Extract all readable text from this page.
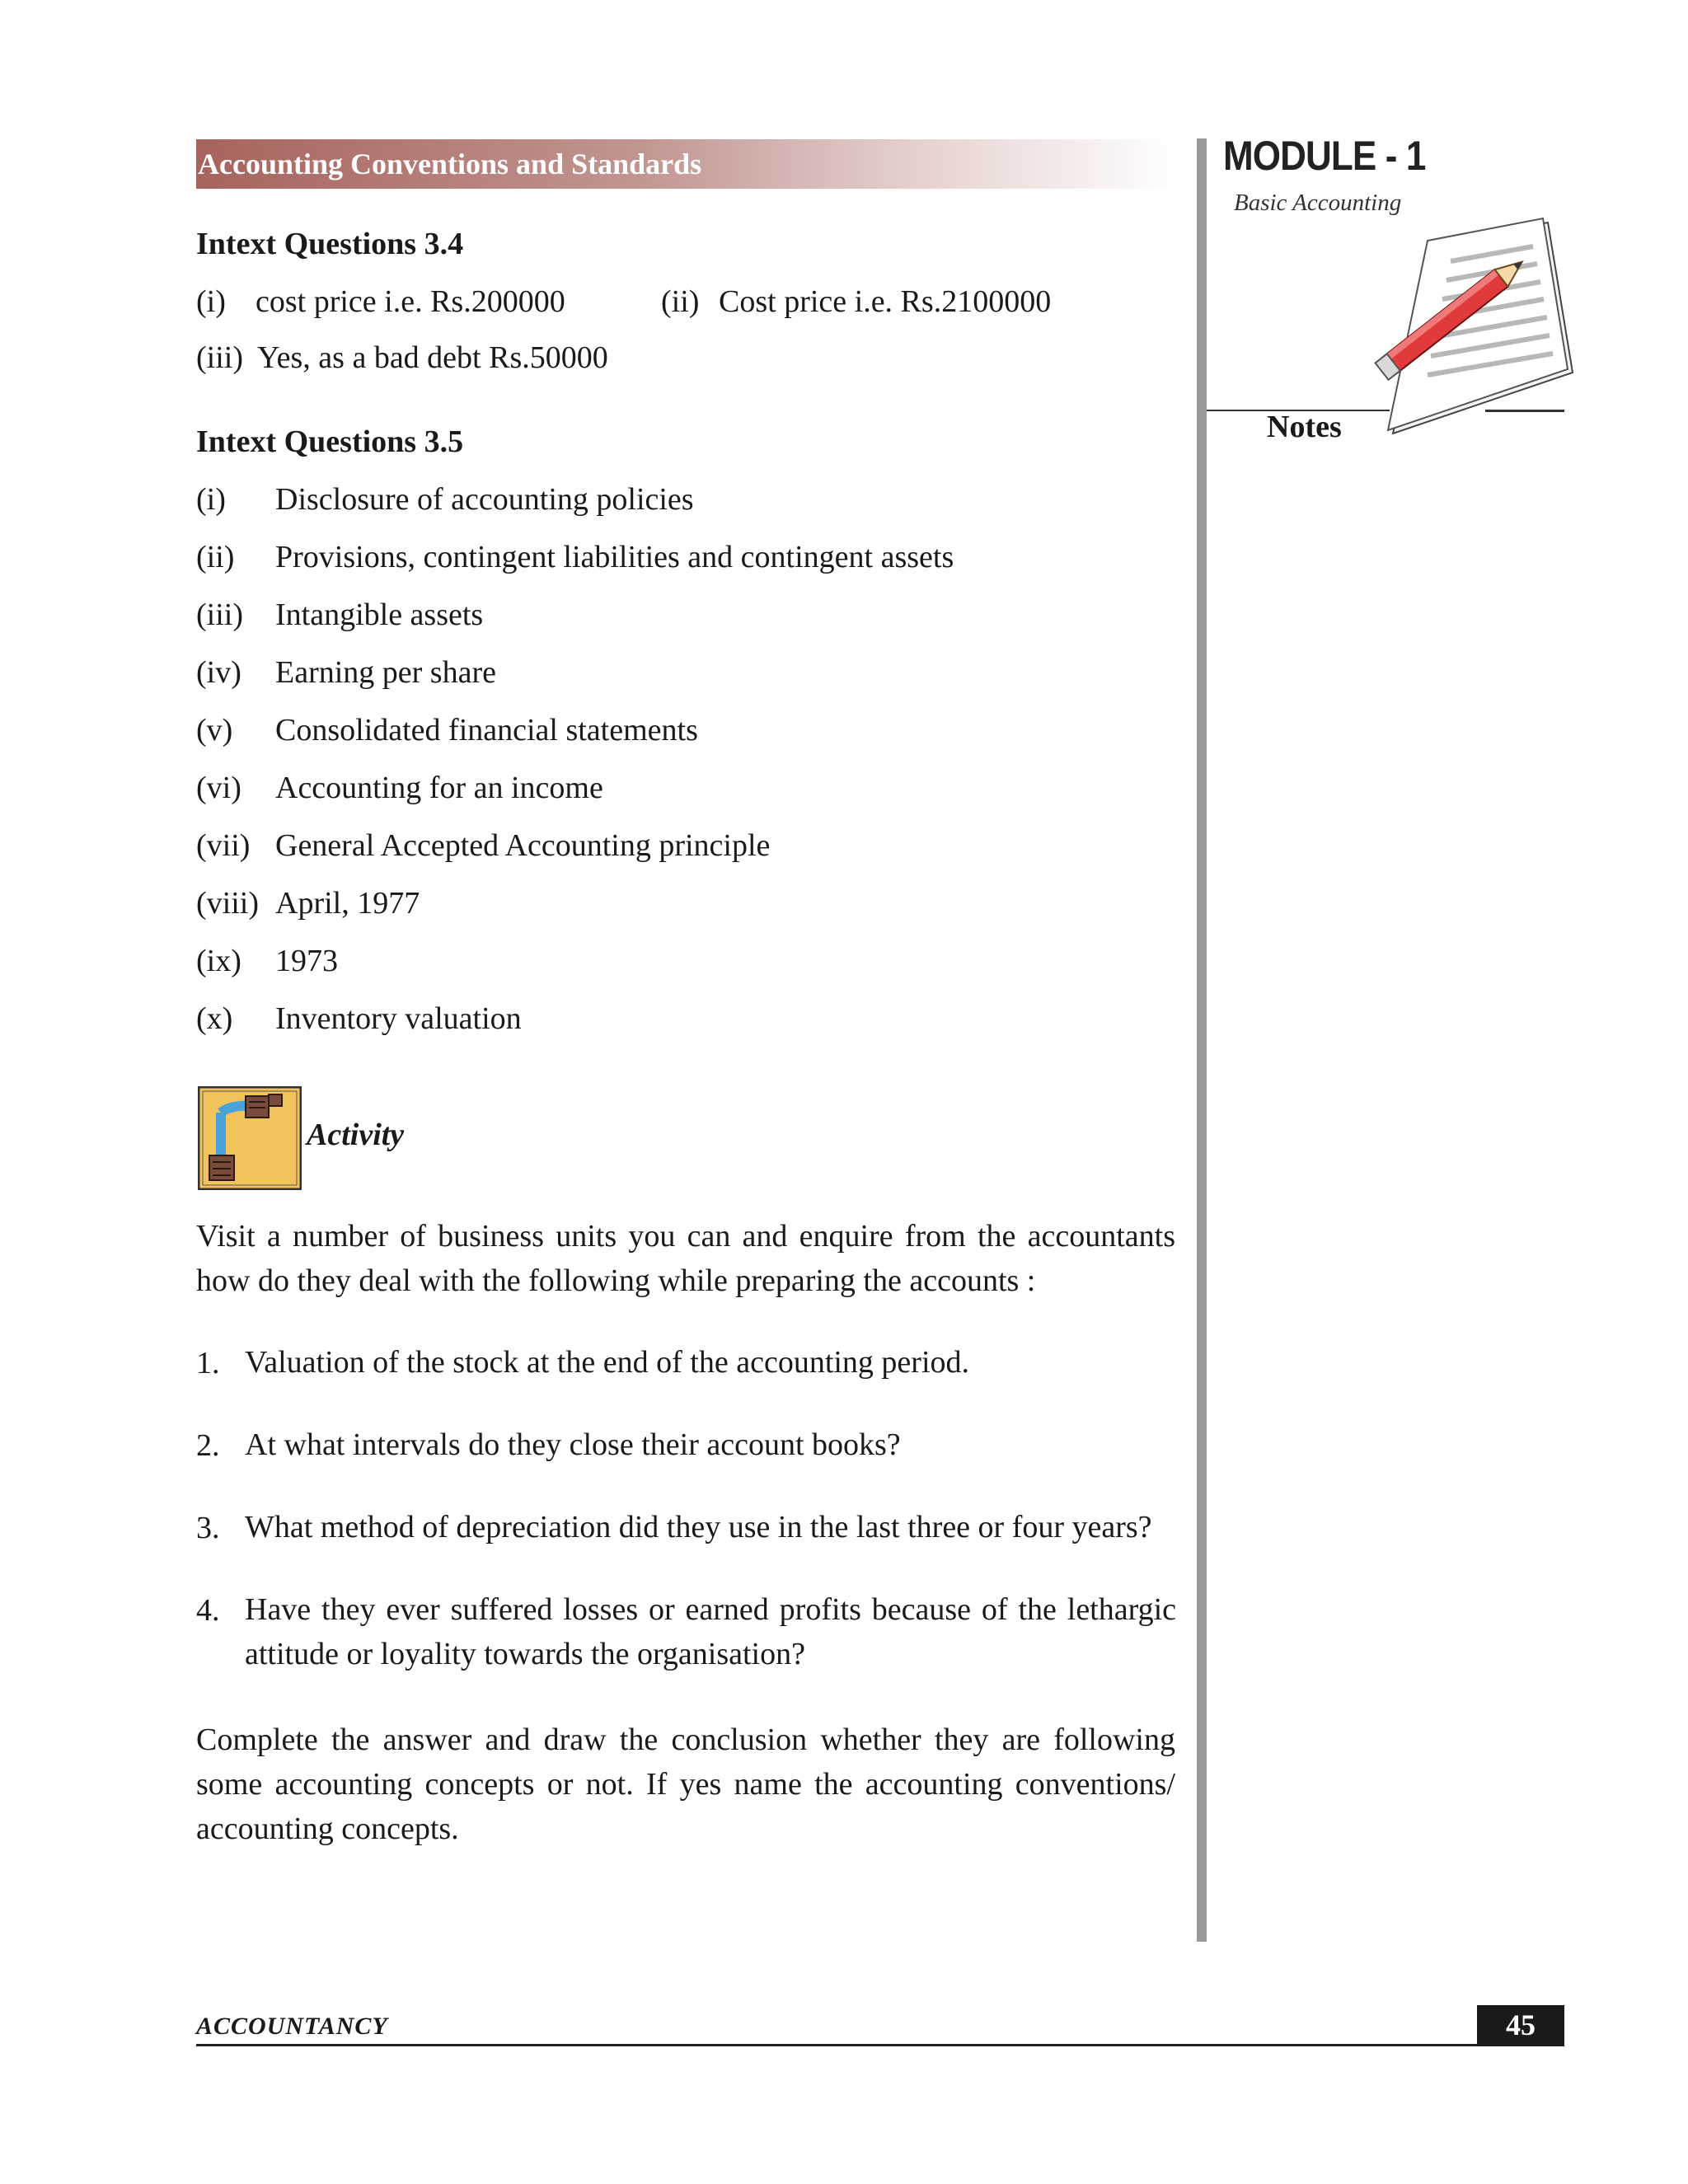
Accounting Conventions and Standards	MODULE - 1
Basic Accounting
Notes
Intext Questions 3.4
(i) cost price i.e. Rs.200000	(ii) Cost price i.e. Rs.2100000
(iii) Yes, as a bad debt Rs.50000
Intext Questions 3.5
(i) Disclosure of accounting policies
(ii) Provisions, contingent liabilities and contingent assets
(iii) Intangible assets
(iv) Earning per share
(v) Consolidated financial statements
(vi) Accounting for an income
(vii) General Accepted Accounting principle
(viii) April, 1977
(ix) 1973
(x) Inventory valuation
Activity
Visit a number of business units you can and enquire from the accountants how do they deal with the following while preparing the accounts :
1. Valuation of the stock at the end of the accounting period.
2. At what intervals do they close their account books?
3. What method of depreciation did they use in the last three or four years?
4. Have they ever suffered losses or earned profits because of the lethargic attitude or loyality towards the organisation?
Complete the answer and draw the conclusion whether they are following some accounting concepts or not. If yes name the accounting conventions/ accounting concepts.
ACCOUNTANCY	45
